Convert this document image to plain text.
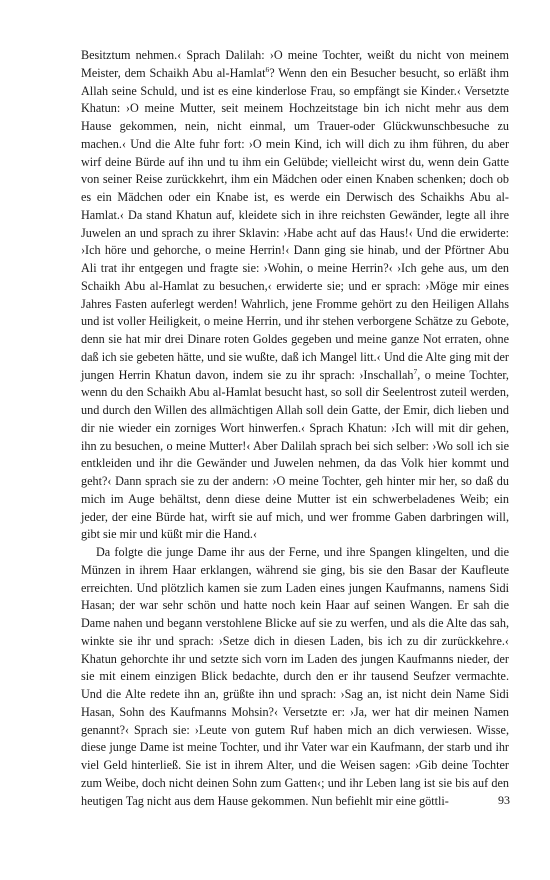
Besitztum nehmen.‹ Sprach Dalilah: ›O meine Tochter, weißt du nicht von meinem Meister, dem Schaikh Abu al-Hamlat$^6$? Wenn den ein Besucher besucht, so erläßt ihm Allah seine Schuld, und ist es eine kinderlose Frau, so empfängt sie Kinder.‹ Versetzte Khatun: ›O meine Mutter, seit meinem Hochzeitstage bin ich nicht mehr aus dem Hause gekommen, nein, nicht einmal, um Trauer-oder Glückwunschbesuche zu machen.‹ Und die Alte fuhr fort: ›O mein Kind, ich will dich zu ihm führen, du aber wirf deine Bürde auf ihn und tu ihm ein Gelübde; vielleicht wirst du, wenn dein Gatte von seiner Reise zurückkehrt, ihm ein Mädchen oder einen Knaben schenken; doch ob es ein Mädchen oder ein Knabe ist, es werde ein Derwisch des Schaikhs Abu al-Hamlat.‹ Da stand Khatun auf, kleidete sich in ihre reichsten Gewänder, legte all ihre Juwelen an und sprach zu ihrer Sklavin: ›Habe acht auf das Haus!‹ Und die erwiderte: ›Ich höre und gehorche, o meine Herrin!‹ Dann ging sie hinab, und der Pförtner Abu Ali trat ihr entgegen und fragte sie: ›Wohin, o meine Herrin?‹ ›Ich gehe aus, um den Schaikh Abu al-Hamlat zu besuchen,‹ erwiderte sie; und er sprach: ›Möge mir eines Jahres Fasten auferlegt werden! Wahrlich, jene Fromme gehört zu den Heiligen Allahs und ist voller Heiligkeit, o meine Herrin, und ihr stehen verborgene Schätze zu Gebote, denn sie hat mir drei Dinare roten Goldes gegeben und meine ganze Not erraten, ohne daß ich sie gebeten hätte, und sie wußte, daß ich Mangel litt.‹ Und die Alte ging mit der jungen Herrin Khatun davon, indem sie zu ihr sprach: ›Inschallah$^7$, o meine Tochter, wenn du den Schaikh Abu al-Hamlat besucht hast, so soll dir Seelentrost zuteil werden, und durch den Willen des allmächtigen Allah soll dein Gatte, der Emir, dich lieben und dir nie wieder ein zorniges Wort hinwerfen.‹ Sprach Khatun: ›Ich will mit dir gehen, ihn zu besuchen, o meine Mutter!‹ Aber Dalilah sprach bei sich selber: ›Wo soll ich sie entkleiden und ihr die Gewänder und Juwelen nehmen, da das Volk hier kommt und geht?‹ Dann sprach sie zu der andern: ›O meine Tochter, geh hinter mir her, so daß du mich im Auge behältst, denn diese deine Mutter ist ein schwerbeladenes Weib; ein jeder, der eine Bürde hat, wirft sie auf mich, und wer fromme Gaben darbringen will, gibt sie mir und küßt mir die Hand.‹

Da folgte die junge Dame ihr aus der Ferne, und ihre Spangen klingelten, und die Münzen in ihrem Haar erklangen, während sie ging, bis sie den Basar der Kaufleute erreichten. Und plötzlich kamen sie zum Laden eines jungen Kaufmanns, namens Sidi Hasan; der war sehr schön und hatte noch kein Haar auf seinen Wangen. Er sah die Dame nahen und begann verstohlene Blicke auf sie zu werfen, und als die Alte das sah, winkte sie ihr und sprach: ›Setze dich in diesen Laden, bis ich zu dir zurückkehre.‹ Khatun gehorchte ihr und setzte sich vorn im Laden des jungen Kaufmanns nieder, der sie mit einem einzigen Blick bedachte, durch den er ihr tausend Seufzer vermachte. Und die Alte redete ihn an, grüßte ihn und sprach: ›Sag an, ist nicht dein Name Sidi Hasan, Sohn des Kaufmanns Mohsin?‹ Versetzte er: ›Ja, wer hat dir meinen Namen genannt?‹ Sprach sie: ›Leute von gutem Ruf haben mich an dich verwiesen. Wisse, diese junge Dame ist meine Tochter, und ihr Vater war ein Kaufmann, der starb und ihr viel Geld hinterließ. Sie ist in ihrem Alter, und die Weisen sagen: ›Gib deine Tochter zum Weibe, doch nicht deinen Sohn zum Gatten‹; und ihr Leben lang ist sie bis auf den heutigen Tag nicht aus dem Hause gekommen. Nun befiehlt mir eine göttli-	93
